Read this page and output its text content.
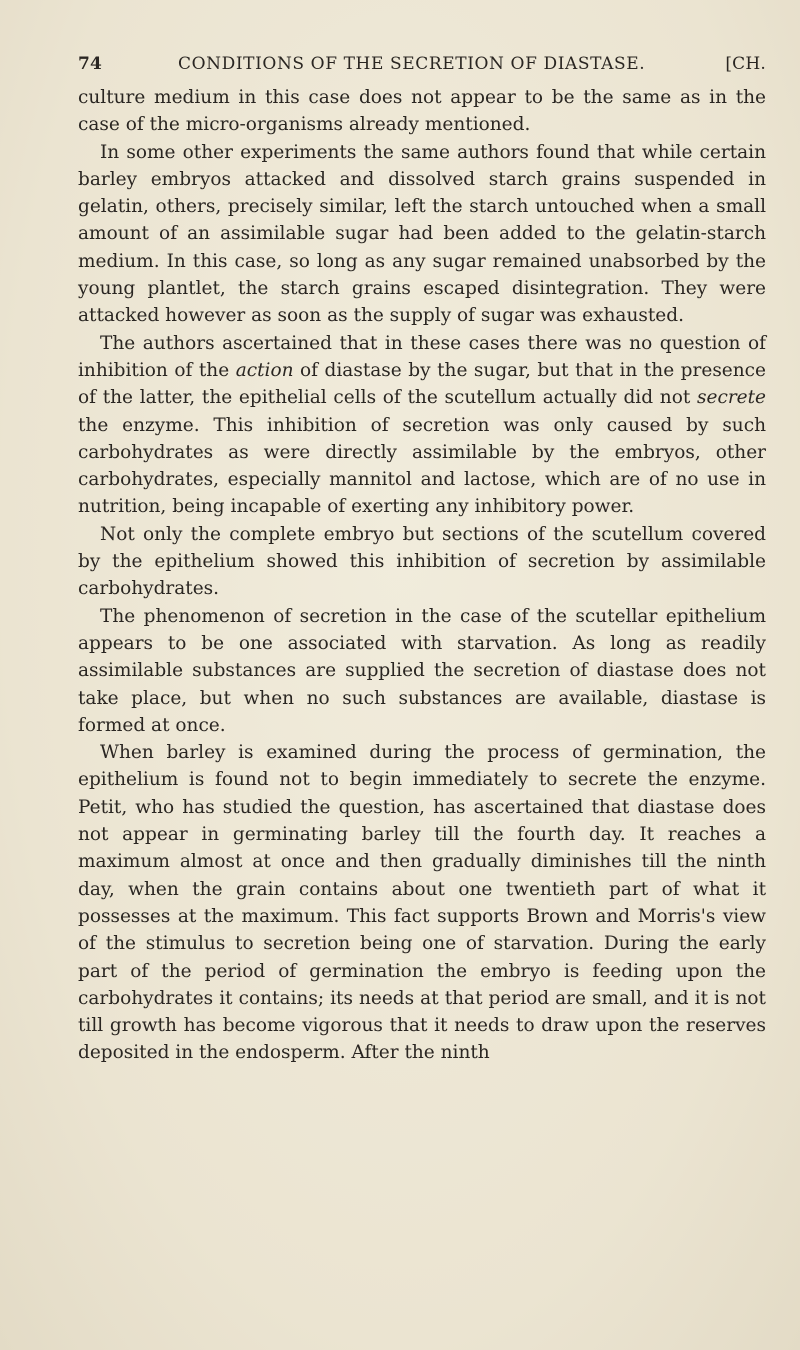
74	CONDITIONS OF THE SECRETION OF DIASTASE.	[CH.

culture medium in this case does not appear to be the same as in the case of the micro-organisms already mentioned.

In some other experiments the same authors found that while certain barley embryos attacked and dissolved starch grains suspended in gelatin, others, precisely similar, left the starch untouched when a small amount of an assimilable sugar had been added to the gelatin-starch medium. In this case, so long as any sugar remained unabsorbed by the young plantlet, the starch grains escaped disintegration. They were attacked however as soon as the supply of sugar was exhausted.

The authors ascertained that in these cases there was no question of inhibition of the action of diastase by the sugar, but that in the presence of the latter, the epithelial cells of the scutellum actually did not secrete the enzyme. This inhibition of secretion was only caused by such carbohydrates as were directly assimilable by the embryos, other carbohydrates, especially mannitol and lactose, which are of no use in nutrition, being incapable of exerting any inhibitory power.

Not only the complete embryo but sections of the scutellum covered by the epithelium showed this inhibition of secretion by assimilable carbohydrates.

The phenomenon of secretion in the case of the scutellar epithelium appears to be one associated with starvation. As long as readily assimilable substances are supplied the secretion of diastase does not take place, but when no such substances are available, diastase is formed at once.

When barley is examined during the process of germination, the epithelium is found not to begin immediately to secrete the enzyme. Petit, who has studied the question, has ascertained that diastase does not appear in germinating barley till the fourth day. It reaches a maximum almost at once and then gradually diminishes till the ninth day, when the grain contains about one twentieth part of what it possesses at the maximum. This fact supports Brown and Morris's view of the stimulus to secretion being one of starvation. During the early part of the period of germination the embryo is feeding upon the carbohydrates it contains; its needs at that period are small, and it is not till growth has become vigorous that it needs to draw upon the reserves deposited in the endosperm. After the ninth
